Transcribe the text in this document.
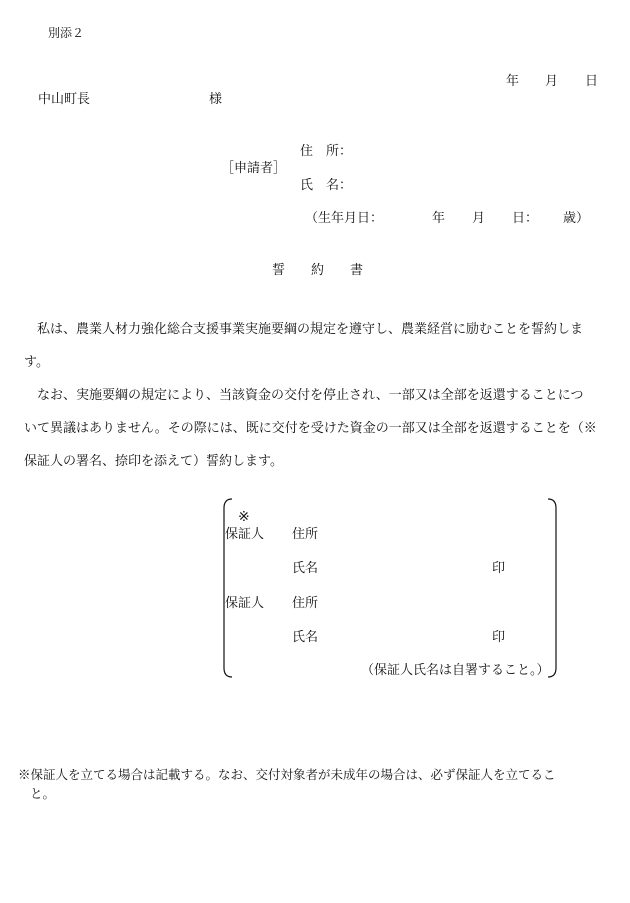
別添２
年 月 日
中山町長	様
住　所：
［申請者］
氏　名：
（生年月日：	年 月 日： 歳）
誓　　約　　書

私は、農業人材力強化総合支援事業実施要綱の規定を遵守し、農業経営に励むことを誓約しま

す。

なお、実施要綱の規定により、当該資金の交付を停止され、一部又は全部を返還することにつ

いて異議はありません。その際には、既に交付を受けた資金の一部又は全部を返還することを（※

保証人の署名、捺印を添えて）誓約します。

※
保証人 住所
氏名	印
保証人 住所
氏名	印
（保証人氏名は自署すること。）
※保証人を立てる場合は記載する。なお、交付対象者が未成年の場合は、必ず保証人を立てるこ
と。
